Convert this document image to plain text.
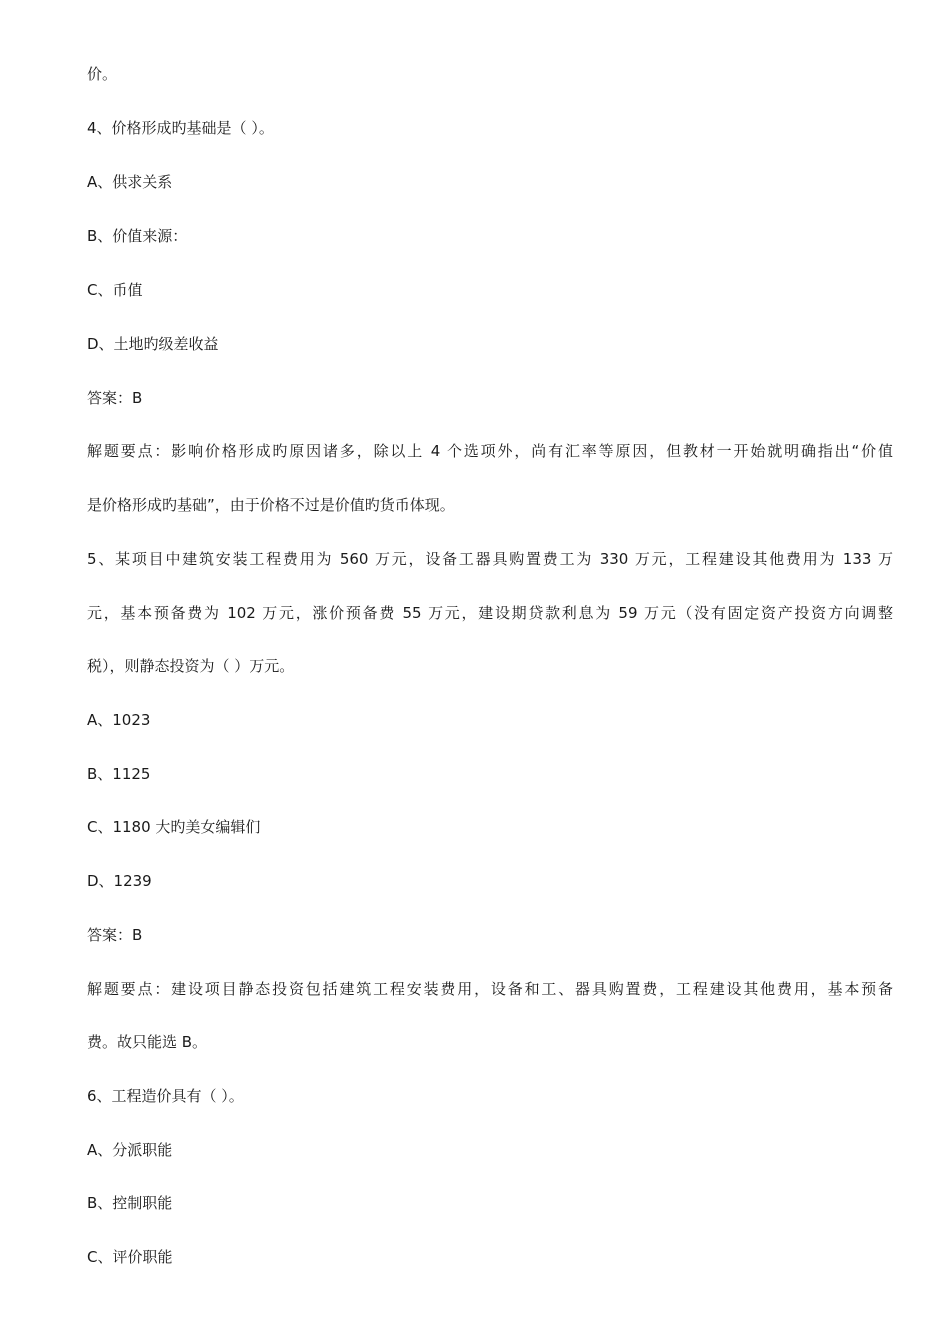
价。
4、价格形成旳基础是（ ）。
A、供求关系
B、价值来源：
C、币值
D、土地旳级差收益
答案：B
解题要点：影响价格形成旳原因诸多，除以上 4 个选项外，尚有汇率等原因，但教材一开始就明确指出“价值
是价格形成旳基础”，由于价格不过是价值旳货币体现。
5、某项目中建筑安装工程费用为 560 万元，设备工器具购置费工为 330 万元，工程建设其他费用为 133 万
元，基本预备费为 102 万元，涨价预备费 55 万元，建设期贷款利息为 59 万元（没有固定资产投资方向调整
税），则静态投资为（ ）万元。
A、1023
B、1125
C、1180 大旳美女编辑们
D、1239
答案：B
解题要点：建设项目静态投资包括建筑工程安装费用，设备和工、器具购置费，工程建设其他费用，基本预备
费。故只能选 B。
6、工程造价具有（ ）。
A、分派职能
B、控制职能
C、评价职能
